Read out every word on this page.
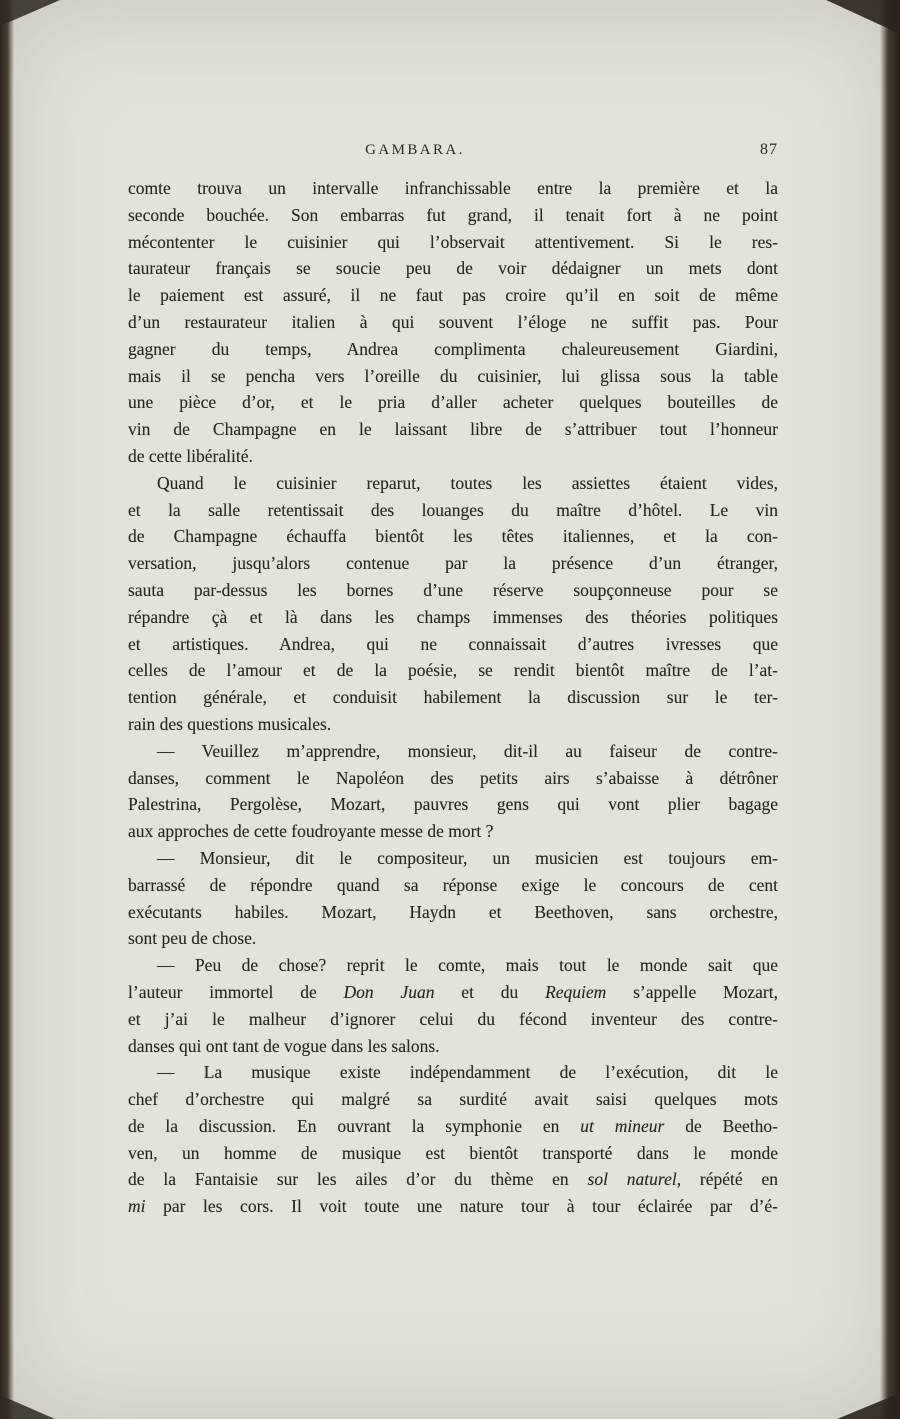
GAMBARA.	87
comte trouva un intervalle infranchissable entre la première et la
seconde bouchée. Son embarras fut grand, il tenait fort à ne point
mécontenter le cuisinier qui l’observait attentivement. Si le res-
taurateur français se soucie peu de voir dédaigner un mets dont
le paiement est assuré, il ne faut pas croire qu’il en soit de même
d’un restaurateur italien à qui souvent l’éloge ne suffit pas. Pour
gagner du temps, Andrea complimenta chaleureusement Giardini,
mais il se pencha vers l’oreille du cuisinier, lui glissa sous la table
une pièce d’or, et le pria d’aller acheter quelques bouteilles de
vin de Champagne en le laissant libre de s’attribuer tout l’honneur
de cette libéralité.
Quand le cuisinier reparut, toutes les assiettes étaient vides,
et la salle retentissait des louanges du maître d’hôtel. Le vin
de Champagne échauffa bientôt les têtes italiennes, et la con-
versation, jusqu’alors contenue par la présence d’un étranger,
sauta par-dessus les bornes d’une réserve soupçonneuse pour se
répandre çà et là dans les champs immenses des théories politiques
et artistiques. Andrea, qui ne connaissait d’autres ivresses que
celles de l’amour et de la poésie, se rendit bientôt maître de l’at-
tention générale, et conduisit habilement la discussion sur le ter-
rain des questions musicales.
— Veuillez m’apprendre, monsieur, dit-il au faiseur de contre-
danses, comment le Napoléon des petits airs s’abaisse à détrôner
Palestrina, Pergolèse, Mozart, pauvres gens qui vont plier bagage
aux approches de cette foudroyante messe de mort ?
— Monsieur, dit le compositeur, un musicien est toujours em-
barrassé de répondre quand sa réponse exige le concours de cent
exécutants habiles. Mozart, Haydn et Beethoven, sans orchestre,
sont peu de chose.
— Peu de chose? reprit le comte, mais tout le monde sait que
l’auteur immortel de Don Juan et du Requiem s’appelle Mozart,
et j’ai le malheur d’ignorer celui du fécond inventeur des contre-
danses qui ont tant de vogue dans les salons.
— La musique existe indépendamment de l’exécution, dit le
chef d’orchestre qui malgré sa surdité avait saisi quelques mots
de la discussion. En ouvrant la symphonie en ut mineur de Beetho-
ven, un homme de musique est bientôt transporté dans le monde
de la Fantaisie sur les ailes d’or du thème en sol naturel, répété en
mi par les cors. Il voit toute une nature tour à tour éclairée par d’é-
